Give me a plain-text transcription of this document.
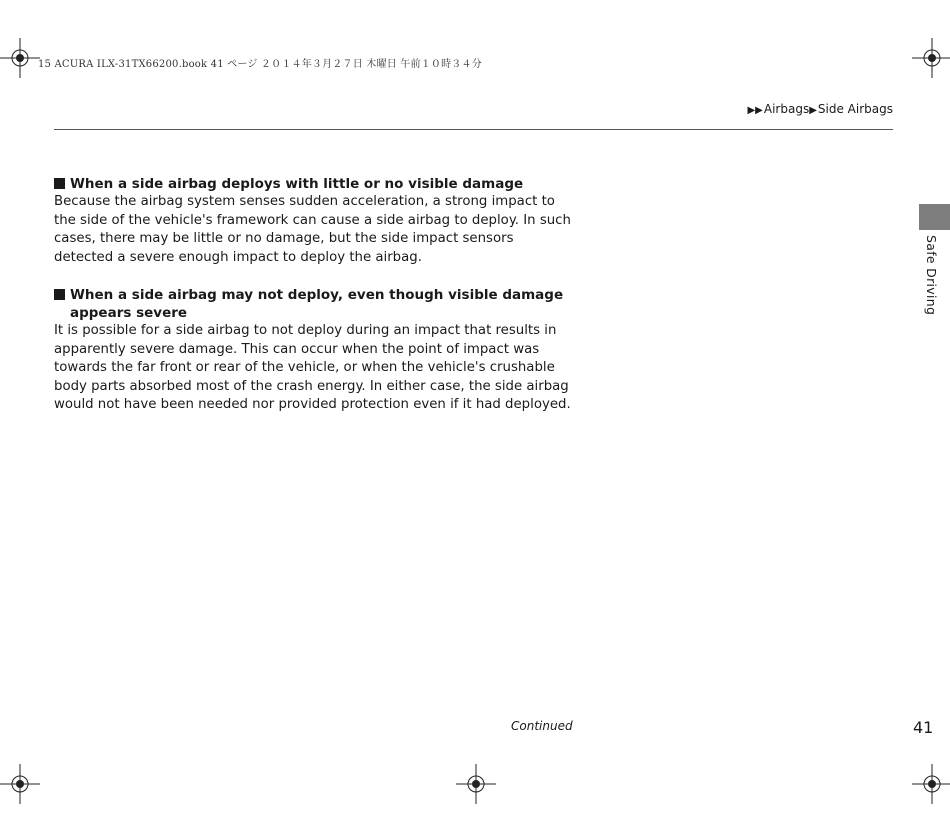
15 ACURA ILX-31TX66200.book 41 ページ ２０１４年３月２７日 木曜日 午前１０時３４分
▶▶Airbags▶Side Airbags
When a side airbag deploys with little or no visible damage

Because the airbag system senses sudden acceleration, a strong impact to the side of the vehicle's framework can cause a side airbag to deploy. In such cases, there may be little or no damage, but the side impact sensors detected a severe enough impact to deploy the airbag.

When a side airbag may not deploy, even though visible damage appears severe

It is possible for a side airbag to not deploy during an impact that results in apparently severe damage. This can occur when the point of impact was towards the far front or rear of the vehicle, or when the vehicle's crushable body parts absorbed most of the crash energy. In either case, the side airbag would not have been needed nor provided protection even if it had deployed.

Safe Driving
Continued	41
